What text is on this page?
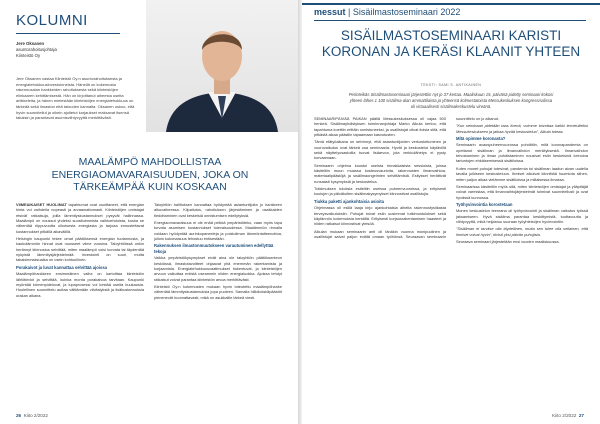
KOLUMNI
Jere Oksanen
asuntorahoitusjohtaja
Kiinteistö Oy

Jere Oksanen vastaa Kiinteistö Oy:n asuntorahoituksesta ja energiatehokkuusinvestoinneista. Hänellä on kokemusta rakennusalan hankkeiden rahoituksesta sekä kiinteistöjen elinkaaren kehittämisestä. Hän on kirjoittanut aiheesta useita artikkeleita, ja hänen mielestään kiinteistöjen energiatehokkuus on tärkeää sekä ilmaston että talouden kannalta. Oksanen uskoo, että hyvin suunnitellut ja oikein ajoitetut korjaukset maksavat itsensä takaisin ja parantavat asumisviihtyvyyttä merkittävästi.

MAALÄMPÖ MAHDOLLISTAA ENERGIAOMAVARAISUUDEN, JOKA ON TÄRKEÄMPÄÄ KUIN KOSKAAN

VIIMEAIKAISET HUOLIMAT tapahtumat ovat osoittaneet, että energian hinta voi vaihdella nopeasti ja arvaamattomasti. Kiinteistöjen omistajat etsivät ratkaisuja, joilla lämmityskustannukset pysyvät hallinnassa. Maalämpö on noussut yhdeksi suosituimmista vaihtoehdoista, koska se vähentää riippuvuutta ulkoisesta energiasta ja tarjoaa ennustettavat kustannukset pitkällä aikavälillä.

Helsingin kaupunki tekee omat päätöksensä energian tuotannosta, ja kaukolämmön hinnat ovat nousseet viime vuosina. Taloyhtiöissä onkin herännyt kiinnostus selvittää, miten maalämpö voisi korvata tai täydentää nykyistä lämmitysjärjestelmää. Investointi on suuri, mutta takaisinmaksuaika on usein kohtuullinen.

Porakaivot ja luvat kannattaa selvittää ajoissa

Maalämpöhankkeen ensimmäinen vaihe on kartoittaa kiinteistön lähtötiedot ja selvittää, kuinka monta porakaivoa tarvitaan. Kaupunki myöntää toimenpideluvat, ja lupaprosessi voi kestää useita kuukausia. Huolellinen suunnittelu auttaa välttämään viivästyksiä ja lisäkustannuksia urakan aikana.

Taloyhtiön hallituksen kannattaa hyödyntää asiantuntijoita jo hankkeen alkuvaiheessa. Kilpailutus, rahoituksen järjestäminen ja osakkaiden tiedottaminen ovat keskeisiä onnistumisen edellytyksiä.

Energiaomavaraisuus ei ole enää pelkkä ympäristöteko, vaan myös tapa turvata asumisen kustannukset tulevaisuudessa. Maalämmön rinnalla voidaan hyödyntää aurinkopaneeleja ja poistoilman lämmöntalteenottoa, jolloin kokonaisuus tehostuu entisestään.

Rakennuksen ilmastonmuutokseen varautuminen edellyttää tekoja

Vaikka ympäristökysymykset eivät aina ole taloyhtiön päätöksenteon keskiössä, ilmastotavoitteet ohjaavat yhä enemmän rakentamista ja korjaamista. Energiatehokkuusvaatimukset tiukentuvat, ja kiinteistöjen arvoon vaikuttaa entistä useammin niiden energialuokka. Ajoissa tehdyt ratkaisut voivat parantaa kiinteistön arvoa merkittävästi.

Kiinteistö Oy:n kokemusten mukaan hyvin toteutettu maalämpöhanke vähentää lämmityskustannuksia jopa puoleen. Samalla hiilidioksidipäästöt pienenevät huomattavasti, mikä on asukkaille tärkeä viesti.

26 Kiito 2/2022
messut | Sisäilmastoseminaari 2022
SISÄILMASTOSEMINAARI KARISTI KORONAN JA KERÄSI KLAANIT YHTEEN
TEKSTI: SAMI S. ANTIKAINEN

Perinteikäs Sisäilmastoseminaari järjestettiin nyt jo 37 kertaa. Maaliskuun 15. päivänä pidetty seminaari kokosi yhteen lähes 1 100 sisäilma-alan ammattilaista ja yhteensä kolmestatoista Messukeskuksen kongressisalissa oli virtuaalisesti sisäilmakeskustelu vireänä.

SEMINAARIPÄIVÄÄ PAIKAN päällä Messukeskuksessa oli vajaa 500 henkeä. Sisäilmayhdistyksen toiminnanjohtaja Marko Alkula kertoo, että tapahtuma koettiin erittäin onnistuneeksi, ja osallistujat olivat iloisia siitä, että pitkästä aikaa päästiin tapaamaan kasvotusten.

Tämä etätyöaikana on selvinnyt, että asiantuntijoiden verkostoituminen ja vuorovaikutus ovat tärkeä osa seminaaria. Hyvät ja keskustelut käytävillä sekä näyttelyosastoilla tuovat lisäarvoa, jota verkkolähetys ei pysty korvaamaan.

Seminaarin ohjelma koostui useista rinnakkaisista sessioista, joissa käsiteltiin muun muassa kosteusvaurioita, rakennusten ilmanvaihtoa, materiaalipäästöjä ja sisäilmaongelmien selvittämistä. Esitykset herättivät runsaasti kysymyksiä ja keskustelua.

Tutkimuksen tuloksia esiteltiin useissa puheenvuoroissa, ja erityisesti koulujen ja päiväkotien sisäilmakysymykset kiinnostivat osallistujia.

Tiukka paketti ajankohtaisia asioita

Ohjelmassa oli esillä laaja kirjo ajankohtaisia aiheita rakennusfysiikasta terveysvaikutuksiin. Puhujat toivat esiin uusimmat tutkimustulokset sekä käytännön kokemuksia kentältä. Erityisesti korjausrakentamisen haasteet ja niiden ratkaisut kiinnostivat yleisöä.

Alkulan mukaan seminaarin anti oli tänäkin vuonna monipuolinen ja osallistujat saivat paljon eväitä omaan työhönsä. Seuraavan seminaarin suunnittelu on jo alkanut.

"Kun seminaari pidetään taas livenä, voimme toivottaa kaikki tervetulleiksi Messukeskukseen ja jatkaa hyvää keskustelua", Alkula toteaa.

Mitä opimme koronasta?

Seminaarin avauspuheenvuorossa pohdittiin, mitä koronapandemia on opettanut sisäilman ja ilmanvaihdon merkityksestä. Ilmanvaihdon tehostaminen ja ilman puhdistaminen nousivat esiin keskeisinä keinoina tartuntojen ehkäisemisessä sisätiloissa.

Kuten monet puhujat totesivat, pandemia toi sisäilman laadun aivan uudella tavalla julkiseen keskusteluun. Ihmiset alkoivat kiinnittää huomiota siihen, miten paljon aikaa vietämme sisätiloissa ja millaisessa ilmassa.

Seminaarissa käsiteltiin myös sitä, miten kiinteistöjen omistajat ja ylläpitäjät voivat varmistaa, että ilmanvaihtojärjestelmät toimivat suunnitellusti ja ovat hyvässä kunnossa.

Työhyvinvointia korostetaan

Monen keskustelun teemana oli työhyvinvointi ja sisäilman vaikutus työssä jaksamiseen. Hyvä sisäilma parantaa keskittymistä, tuottavuutta ja viihtyvyyttä, mikä heijastuu suoraan työyhteisöjen hyvinvointiin.

"Sisäilman ei tarvitse olla täydellinen, mutta sen tulee olla sellainen, että ihmiset voivat hyvin", tiivisti yksi päivän puhujista.

Seuraava seminaari järjestetään ensi vuoden maaliskuussa.

Kiito 2/2022 27
